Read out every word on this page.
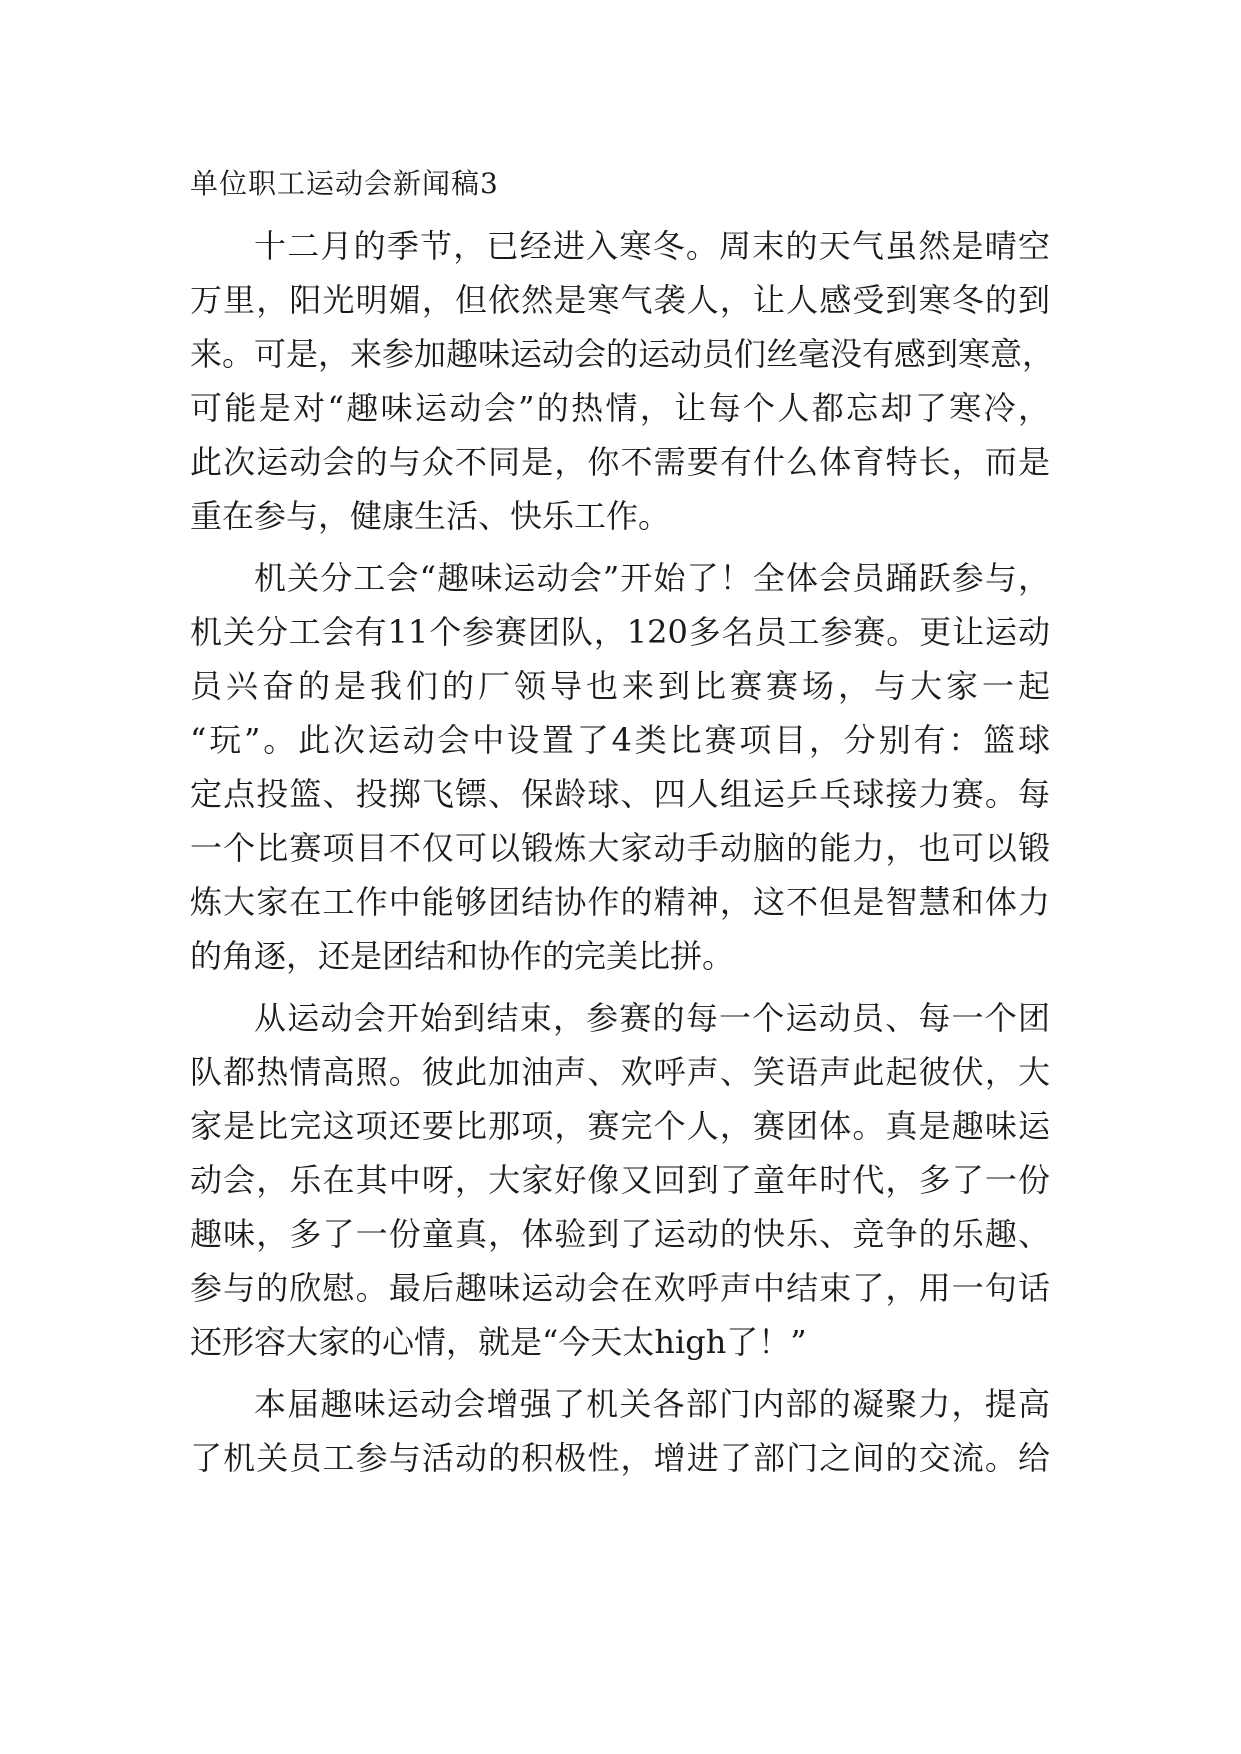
单位职工运动会新闻稿3
十二月的季节，已经进入寒冬。周末的天气虽然是晴空
万里，阳光明媚，但依然是寒气袭人，让人感受到寒冬的到
来。可是，来参加趣味运动会的运动员们丝毫没有感到寒意，
可能是对“趣味运动会”的热情，让每个人都忘却了寒冷，
此次运动会的与众不同是，你不需要有什么体育特长，而是
重在参与，健康生活、快乐工作。
机关分工会“趣味运动会”开始了！全体会员踊跃参与，
机关分工会有11个参赛团队，120多名员工参赛。更让运动
员兴奋的是我们的厂领导也来到比赛赛场，与大家一起
“玩”。此次运动会中设置了4类比赛项目，分别有：篮球
定点投篮、投掷飞镖、保龄球、四人组运乒乓球接力赛。每
一个比赛项目不仅可以锻炼大家动手动脑的能力，也可以锻
炼大家在工作中能够团结协作的精神，这不但是智慧和体力
的角逐，还是团结和协作的完美比拼。
从运动会开始到结束，参赛的每一个运动员、每一个团
队都热情高照。彼此加油声、欢呼声、笑语声此起彼伏，大
家是比完这项还要比那项，赛完个人，赛团体。真是趣味运
动会，乐在其中呀，大家好像又回到了童年时代，多了一份
趣味，多了一份童真，体验到了运动的快乐、竞争的乐趣、
参与的欣慰。最后趣味运动会在欢呼声中结束了，用一句话
还形容大家的心情，就是“今天太high了！”
本届趣味运动会增强了机关各部门内部的凝聚力，提高
了机关员工参与活动的积极性，增进了部门之间的交流。给
